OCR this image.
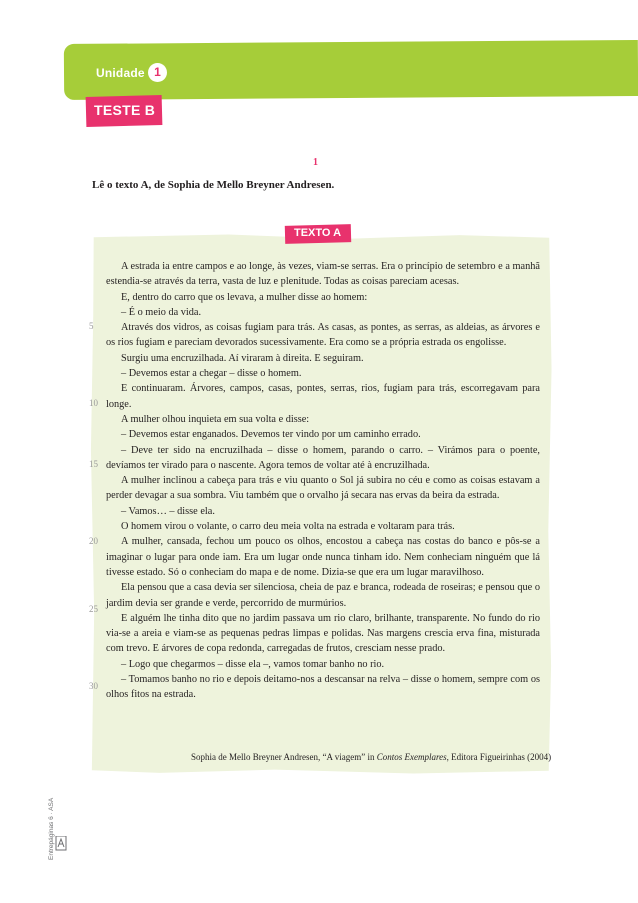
Unidade 1
TESTE B
1
Lê o texto A, de Sophia de Mello Breyner Andresen.
TEXTO A
5
10
15
20
25
30

A estrada ia entre campos e ao longe, às vezes, viam-se serras. Era o princípio de setembro e a manhã estendia-se através da terra, vasta de luz e plenitude. Todas as coisas pareciam acesas.

E, dentro do carro que os levava, a mulher disse ao homem:

– É o meio da vida.

Através dos vidros, as coisas fugiam para trás. As casas, as pontes, as serras, as aldeias, as árvores e os rios fugiam e pareciam devorados sucessivamente. Era como se a própria estrada os engolisse.

Surgiu uma encruzilhada. Aí viraram à direita. E seguiram.

– Devemos estar a chegar – disse o homem.

E continuaram. Árvores, campos, casas, pontes, serras, rios, fugiam para trás, escorregavam para longe.

A mulher olhou inquieta em sua volta e disse:

– Devemos estar enganados. Devemos ter vindo por um caminho errado.

– Deve ter sido na encruzilhada – disse o homem, parando o carro. – Virámos para o poente, devíamos ter virado para o nascente. Agora temos de voltar até à encruzilhada.

A mulher inclinou a cabeça para trás e viu quanto o Sol já subira no céu e como as coisas estavam a perder devagar a sua sombra. Viu também que o orvalho já secara nas ervas da beira da estrada.

– Vamos… – disse ela.

O homem virou o volante, o carro deu meia volta na estrada e voltaram para trás.

A mulher, cansada, fechou um pouco os olhos, encostou a cabeça nas costas do banco e pôs-se a imaginar o lugar para onde iam. Era um lugar onde nunca tinham ido. Nem conheciam ninguém que lá tivesse estado. Só o conheciam do mapa e de nome. Dizia-se que era um lugar maravilhoso.

Ela pensou que a casa devia ser silenciosa, cheia de paz e branca, rodeada de roseiras; e pensou que o jardim devia ser grande e verde, percorrido de murmúrios.

E alguém lhe tinha dito que no jardim passava um rio claro, brilhante, transparente. No fundo do rio via-se a areia e viam-se as pequenas pedras limpas e polidas. Nas margens crescia erva fina, misturada com trevo. E árvores de copa redonda, carregadas de frutos, cresciam nesse prado.

– Logo que chegarmos – disse ela –, vamos tomar banho no rio.

– Tomamos banho no rio e depois deitamo-nos a descansar na relva – disse o homem, sempre com os olhos fitos na estrada.

Sophia de Mello Breyner Andresen, “A viagem” in Contos Exemplares, Editora Figueirinhas (2004)
Entrepáginas 6 · ASA
